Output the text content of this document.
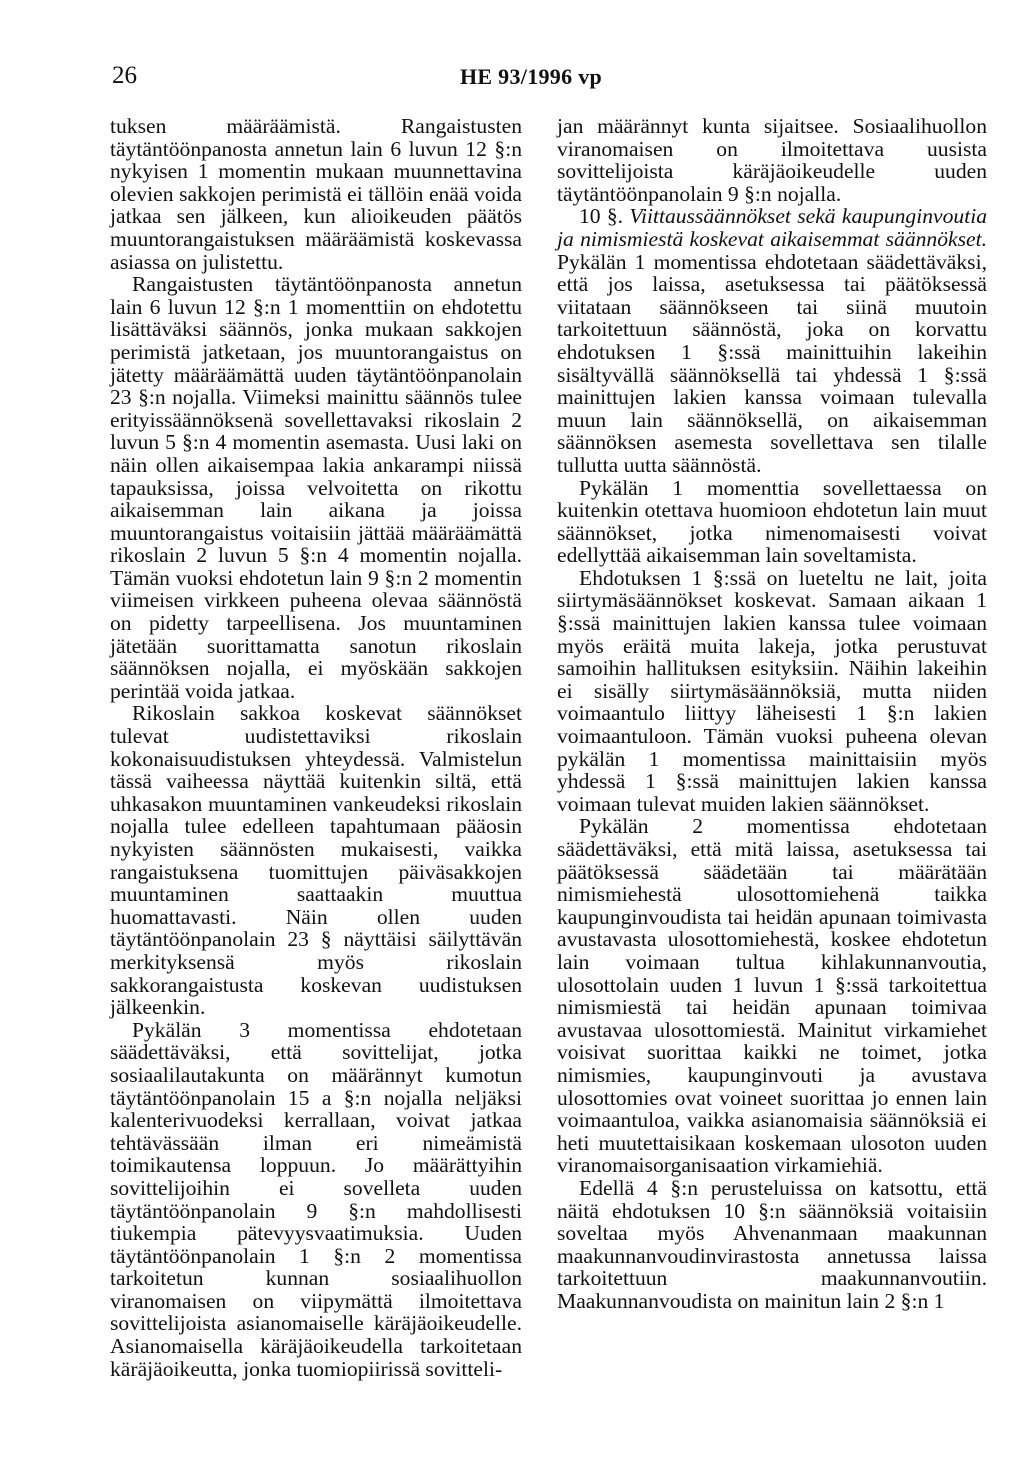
26	HE 93/1996 vp

tuksen määräämistä. Rangaistusten täytäntöönpanosta annetun lain 6 luvun 12 §:n nykyisen 1 momentin mukaan muunnettavina olevien sakkojen perimistä ei tällöin enää voida jatkaa sen jälkeen, kun alioikeuden päätös muuntorangaistuksen määräämistä koskevassa asiassa on julistettu.

Rangaistusten täytäntöönpanosta annetun lain 6 luvun 12 §:n 1 momenttiin on ehdotettu lisättäväksi säännös, jonka mukaan sakkojen perimistä jatketaan, jos muuntorangaistus on jätetty määräämättä uuden täytäntöönpanolain 23 §:n nojalla. Viimeksi mainittu säännös tulee erityissäännöksenä sovellettavaksi rikoslain 2 luvun 5 §:n 4 momentin asemasta. Uusi laki on näin ollen aikaisempaa lakia ankarampi niissä tapauksissa, joissa velvoitetta on rikottu aikaisemman lain aikana ja joissa muuntorangaistus voitaisiin jättää määräämättä rikoslain 2 luvun 5 §:n 4 momentin nojalla. Tämän vuoksi ehdotetun lain 9 §:n 2 momentin viimeisen virkkeen puheena olevaa säännöstä on pidetty tarpeellisena. Jos muuntaminen jätetään suorittamatta sanotun rikoslain säännöksen nojalla, ei myöskään sakkojen perintää voida jatkaa.

Rikoslain sakkoa koskevat säännökset tulevat uudistettaviksi rikoslain kokonaisuudistuksen yhteydessä. Valmistelun tässä vaiheessa näyttää kuitenkin siltä, että uhkasakon muuntaminen vankeudeksi rikoslain nojalla tulee edelleen tapahtumaan pääosin nykyisten säännösten mukaisesti, vaikka rangaistuksena tuomittujen päiväsakkojen muuntaminen saattaakin muuttua huomattavasti. Näin ollen uuden täytäntöönpanolain 23 § näyttäisi säilyttävän merkityksensä myös rikoslain sakkorangaistusta koskevan uudistuksen jälkeenkin.

Pykälän 3 momentissa ehdotetaan säädettäväksi, että sovittelijat, jotka sosiaalilautakunta on määrännyt kumotun täytäntöönpanolain 15 a §:n nojalla neljäksi kalenterivuodeksi kerrallaan, voivat jatkaa tehtävässään ilman eri nimeämistä toimikautensa loppuun. Jo määrättyihin sovittelijoihin ei sovelleta uuden täytäntöönpanolain 9 §:n mahdollisesti tiukempia pätevyysvaatimuksia. Uuden täytäntöönpanolain 1 §:n 2 momentissa tarkoitetun kunnan sosiaalihuollon viranomaisen on viipymättä ilmoitettava sovittelijoista asianomaiselle käräjäoikeudelle. Asianomaisella käräjäoikeudella tarkoitetaan käräjäoikeutta, jonka tuomiopiirissä sovitteli-

jan määrännyt kunta sijaitsee. Sosiaalihuollon viranomaisen on ilmoitettava uusista sovittelijoista käräjäoikeudelle uuden täytäntöönpanolain 9 §:n nojalla.

10 §. Viittaussäännökset sekä kaupunginvoutia ja nimismiestä koskevat aikaisemmat säännökset. Pykälän 1 momentissa ehdotetaan säädettäväksi, että jos laissa, asetuksessa tai päätöksessä viitataan säännökseen tai siinä muutoin tarkoitettuun säännöstä, joka on korvattu ehdotuksen 1 §:ssä mainittuihin lakeihin sisältyvällä säännöksellä tai yhdessä 1 §:ssä mainittujen lakien kanssa voimaan tulevalla muun lain säännöksellä, on aikaisemman säännöksen asemesta sovellettava sen tilalle tullutta uutta säännöstä.

Pykälän 1 momenttia sovellettaessa on kuitenkin otettava huomioon ehdotetun lain muut säännökset, jotka nimenomaisesti voivat edellyttää aikaisemman lain soveltamista.

Ehdotuksen 1 §:ssä on lueteltu ne lait, joita siirtymäsäännökset koskevat. Samaan aikaan 1 §:ssä mainittujen lakien kanssa tulee voimaan myös eräitä muita lakeja, jotka perustuvat samoihin hallituksen esityksiin. Näihin lakeihin ei sisälly siirtymäsäännöksiä, mutta niiden voimaantulo liittyy läheisesti 1 §:n lakien voimaantuloon. Tämän vuoksi puheena olevan pykälän 1 momentissa mainittaisiin myös yhdessä 1 §:ssä mainittujen lakien kanssa voimaan tulevat muiden lakien säännökset.

Pykälän 2 momentissa ehdotetaan säädettäväksi, että mitä laissa, asetuksessa tai päätöksessä säädetään tai määrätään nimismiehestä ulosottomiehenä taikka kaupunginvoudista tai heidän apunaan toimivasta avustavasta ulosottomiehestä, koskee ehdotetun lain voimaan tultua kihlakunnanvoutia, ulosottolain uuden 1 luvun 1 §:ssä tarkoitettua nimismiestä tai heidän apunaan toimivaa avustavaa ulosottomiestä. Mainitut virkamiehet voisivat suorittaa kaikki ne toimet, jotka nimismies, kaupunginvouti ja avustava ulosottomies ovat voineet suorittaa jo ennen lain voimaantuloa, vaikka asianomaisia säännöksiä ei heti muutettaisikaan koskemaan ulosoton uuden viranomaisorganisaation virkamiehiä.

Edellä 4 §:n perusteluissa on katsottu, että näitä ehdotuksen 10 §:n säännöksiä voitaisiin soveltaa myös Ahvenanmaan maakunnan maakunnanvoudinvirastosta annetussa laissa tarkoitettuun maakunnanvoutiin. Maakunnanvoudista on mainitun lain 2 §:n 1
